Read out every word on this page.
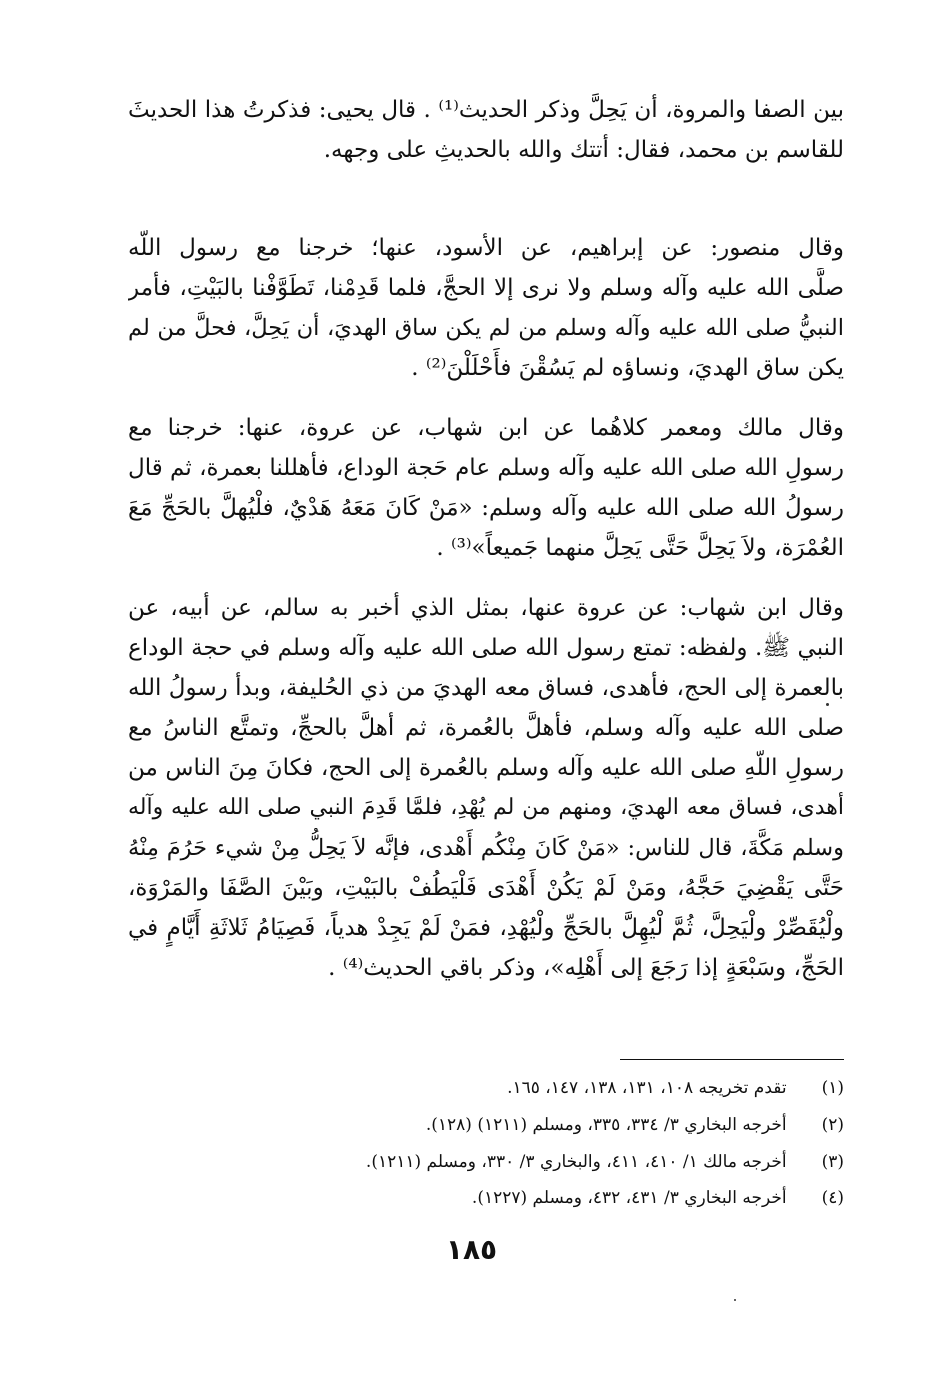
بين الصفا والمروة، أن يَحِلَّ وذكر الحديث⁽¹⁾ . قال يحيى: فذكرتُ هذا الحديثَ
للقاسم بن محمد، فقال: أتتك والله بالحديثِ على وجهه.
وقال منصور: عن إبراهيم، عن الأسود، عنها؛ خرجنا مع رسول اللّه
صلَّى الله عليه وآله وسلم ولا نرى إلا الحجَّ، فلما قَدِمْنا، تَطَوَّفْنا بالبَيْتِ، فأمر
النبيُّ صلى الله عليه وآله وسلم من لم يكن ساق الهديَ، أن يَحِلَّ، فحلَّ من لم
يكن ساق الهديَ، ونساؤه لم يَسُقْنَ فأَحْلَلْنَ⁽²⁾ .
وقال مالك ومعمر كلاهُما عن ابن شهاب، عن عروة، عنها: خرجنا مع
رسولِ الله صلى الله عليه وآله وسلم عام حَجة الوداع، فأهللنا بعمرة، ثم قال
رسولُ الله صلى الله عليه وآله وسلم: «مَنْ كَانَ مَعَهُ هَدْيٌ، فلْيُهلَّ بالحَجِّ مَعَ
العُمْرَة، ولاَ يَحِلَّ حَتَّى يَحِلَّ منهما جَميعاً»⁽³⁾ .
وقال ابن شهاب: عن عروة عنها، بمثل الذي أخبر به سالم، عن أبيه، عن
النبي ﷺ. ولفظه: تمتع رسول الله صلى الله عليه وآله وسلم في حجة الوداع
بالعمرة إلى الحج، فأهدى، فساق معه الهديَ من ذي الحُليفة، وبدأ رسولُ الله
صلى الله عليه وآله وسلم، فأهلَّ بالعُمرة، ثم أهلَّ بالحجِّ، وتمتَّع الناسُ مع
رسولِ اللّهِ صلى الله عليه وآله وسلم بالعُمرة إلى الحج، فكانَ مِنَ الناس من
أهدى، فساق معه الهديَ، ومنهم من لم يُهْدِ، فلمَّا قَدِمَ النبي صلى الله عليه وآله
وسلم مَكَّةَ، قال للناس: «مَنْ كَانَ مِنْكُم أَهْدى، فإنَّه لاَ يَحِلُّ مِنْ شيء حَرُمَ مِنْهُ
حَتَّى يَقْضِيَ حَجَّهُ، ومَنْ لَمْ يَكُنْ أَهْدَى فَلْيَطُفْ بالبَيْتِ، وبَيْنَ الصَّفَا والمَرْوَة،
ولْيُقَصِّرْ ولْيَحِلَّ، ثُمَّ لْيُهِلَّ بالحَجِّ ولْيُهْدِ، فمَنْ لَمْ يَجِدْ هدياً، فَصِيَامُ ثَلاثَةِ أَيَّامٍ في
الحَجِّ، وسَبْعَةٍ إذا رَجَعَ إلى أَهْلِه»، وذكر باقي الحديث⁽⁴⁾ .
(١) تقدم تخريجه ١٠٨، ١٣١، ١٣٨، ١٤٧، ١٦٥.
(٢) أخرجه البخاري ٣/ ٣٣٤، ٣٣٥، ومسلم (١٢١١) (١٢٨).
(٣) أخرجه مالك ١/ ٤١٠، ٤١١، والبخاري ٣/ ٣٣٠، ومسلم (١٢١١).
(٤) أخرجه البخاري ٣/ ٤٣١، ٤٣٢، ومسلم (١٢٢٧).
١٨٥
